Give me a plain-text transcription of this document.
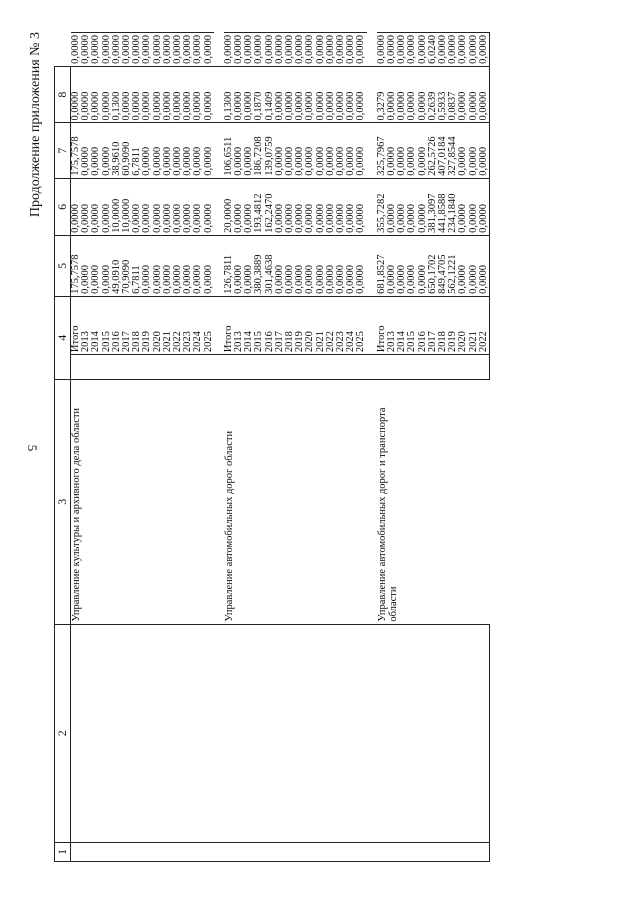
5
Продолжение приложения № 3
1	2	3	4		5	6	7	8	
		Управление культуры и архивного дела области		Итого	175,7578	0,0000	175,7578	0,0000	0,0000
				2013	0,0000	0,0000	0,0000	0,0000	0,0000
				2014	0,0000	0,0000	0,0000	0,0000	0,0000
				2015	0,0000	0,0000	0,0000	0,0000	0,0000
				2016	49,0910	10,0000	38,9610	0,1300	0,0000
				2017	70,9090	10,0000	60,9090	0,0000	0,0000
				2018	6,7811	0,0000	6,7811	0,0000	0,0000
				2019	0,0000	0,0000	0,0000	0,0000	0,0000
				2020	0,0000	0,0000	0,0000	0,0000	0,0000
				2021	0,0000	0,0000	0,0000	0,0000	0,0000
				2022	0,0000	0,0000	0,0000	0,0000	0,0000
				2023	0,0000	0,0000	0,0000	0,0000	0,0000
				2024	0,0000	0,0000	0,0000	0,0000	0,0000
				2025	0,0000	0,0000	0,0000	0,0000	0,0000

		Управление автомобильных дорог области		Итого	126,7811	20,0000	106,6511	0,1300	0,0000
				2013	0,0000	0,0000	0,0000	0,0000	0,0000
				2014	0,0000	0,0000	0,0000	0,0000	0,0000
				2015	380,3889	193,4812	186,7208	0,1870	0,0000
				2016	301,4638	162,2470	139,0759	0,1409	0,0000
				2017	0,0000	0,0000	0,0000	0,0000	0,0000
				2018	0,0000	0,0000	0,0000	0,0000	0,0000
				2019	0,0000	0,0000	0,0000	0,0000	0,0000
				2020	0,0000	0,0000	0,0000	0,0000	0,0000
				2021	0,0000	0,0000	0,0000	0,0000	0,0000
				2022	0,0000	0,0000	0,0000	0,0000	0,0000
				2023	0,0000	0,0000	0,0000	0,0000	0,0000
				2024	0,0000	0,0000	0,0000	0,0000	0,0000
				2025	0,0000	0,0000	0,0000	0,0000	0,0000

		Управление автомобильных дорог и транспорта области		Итого	681,8527	355,7282	325,7967	0,3279	0,0000
				2013	0,0000	0,0000	0,0000	0,0000	0,0000
				2014	0,0000	0,0000	0,0000	0,0000	0,0000
				2015	0,0000	0,0000	0,0000	0,0000	0,0000
				2016	0,0000	0,0000	0,0000	0,0000	0,0000
				2017	650,1702	381,3097	262,5726	0,2639	6,0240
				2018	849,4705	441,8588	407,0184	0,5933	0,0000
				2019	562,1221	234,1840	327,8544	0,0837	0,0000
				2020	0,0000	0,0000	0,0000	0,0000	0,0000
				2021	0,0000	0,0000	0,0000	0,0000	0,0000
				2022	0,0000	0,0000	0,0000	0,0000	0,0000
